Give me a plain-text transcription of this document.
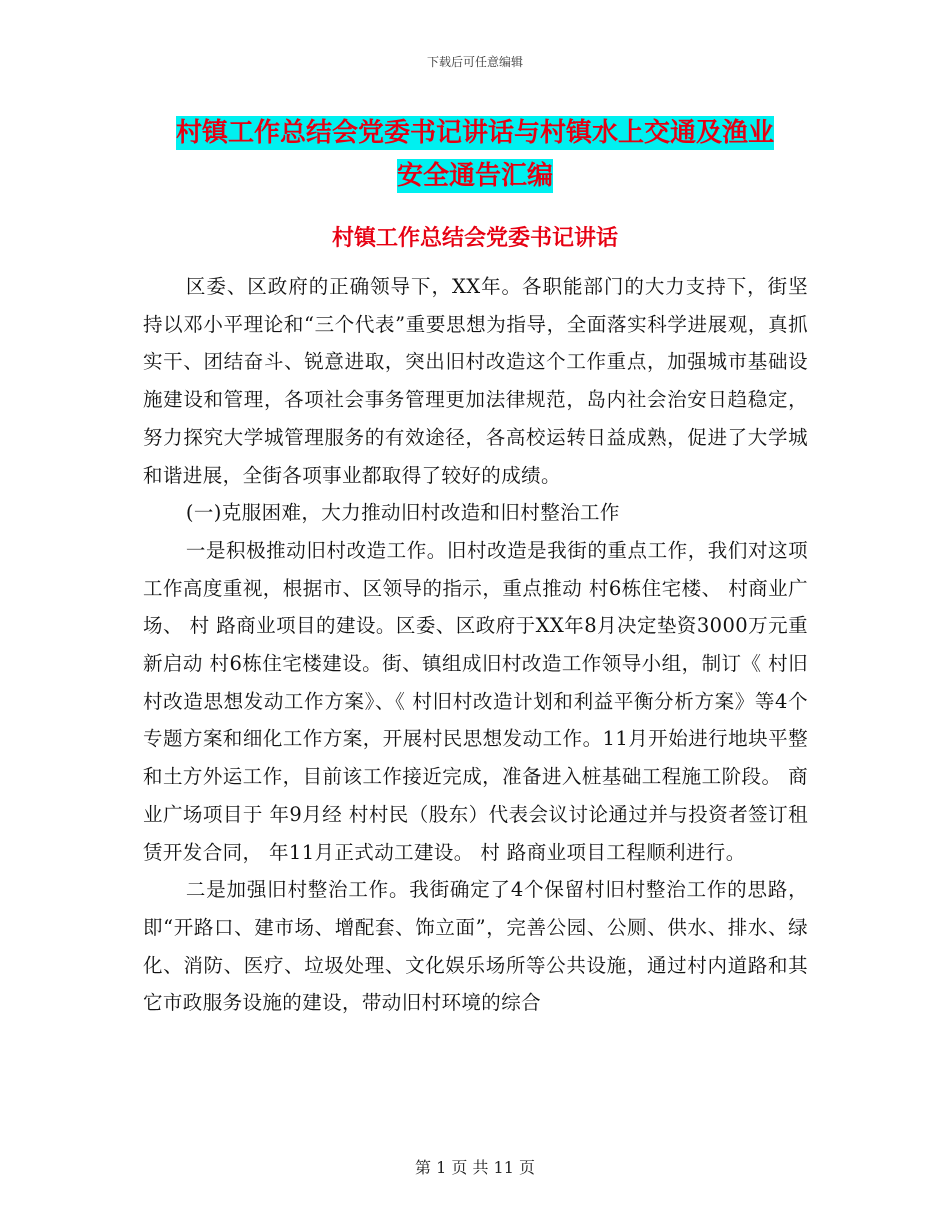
下载后可任意编辑
村镇工作总结会党委书记讲话与村镇水上交通及渔业
安全通告汇编
村镇工作总结会党委书记讲话

区委、区政府的正确领导下，XX年。各职能部门的大力支持下，街坚持以邓小平理论和“三个代表”重要思想为指导，全面落实科学进展观，真抓实干、团结奋斗、锐意进取，突出旧村改造这个工作重点，加强城市基础设施建设和管理，各项社会事务管理更加法律规范，岛内社会治安日趋稳定，努力探究大学城管理服务的有效途径，各高校运转日益成熟，促进了大学城和谐进展，全街各项事业都取得了较好的成绩。

(一)克服困难，大力推动旧村改造和旧村整治工作

一是积极推动旧村改造工作。旧村改造是我街的重点工作，我们对这项工作高度重视，根据市、区领导的指示，重点推动 村6栋住宅楼、 村商业广场、 村 路商业项目的建设。区委、区政府于XX年8月决定垫资3000万元重新启动 村6栋住宅楼建设。街、镇组成旧村改造工作领导小组，制订《 村旧村改造思想发动工作方案》、《 村旧村改造计划和利益平衡分析方案》等4个专题方案和细化工作方案，开展村民思想发动工作。11月开始进行地块平整和土方外运工作，目前该工作接近完成，准备进入桩基础工程施工阶段。 商业广场项目于 年9月经 村村民（股东）代表会议讨论通过并与投资者签订租赁开发合同， 年11月正式动工建设。 村 路商业项目工程顺利进行。

二是加强旧村整治工作。我街确定了4个保留村旧村整治工作的思路，即“开路口、建市场、增配套、饰立面”，完善公园、公厕、供水、排水、绿化、消防、医疗、垃圾处理、文化娱乐场所等公共设施，通过村内道路和其它市政服务设施的建设，带动旧村环境的综合

第 1 页 共 11 页
